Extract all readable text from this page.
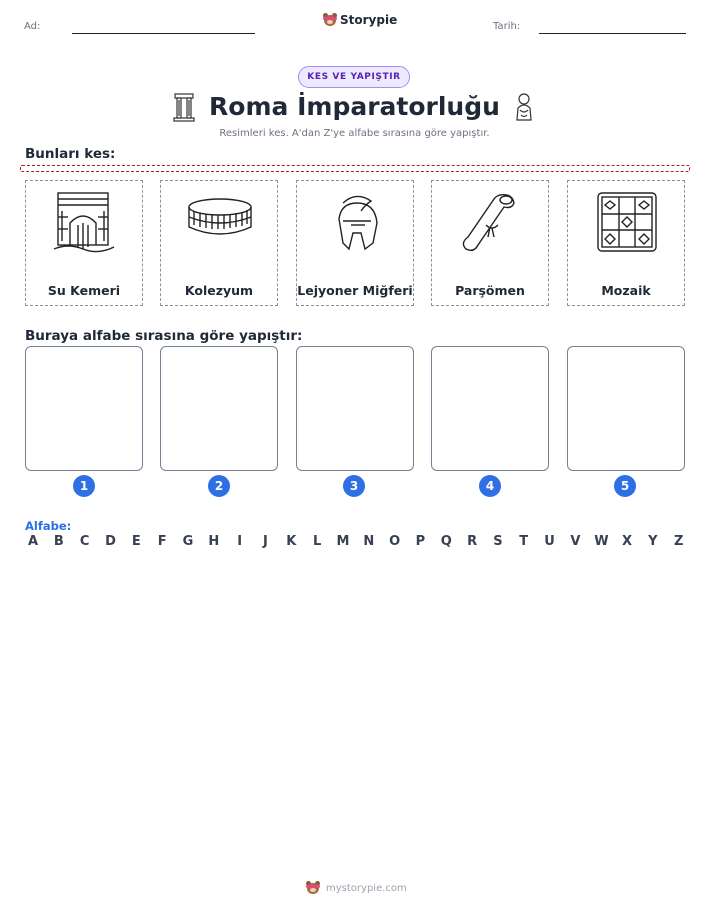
Ad:	Storypie	Tarih:
KES VE YAPIŞTIR
Roma İmparatorluğu
Resimleri kes. A'dan Z'ye alfabe sırasına göre yapıştır.
Bunları kes:
Su Kemeri	Kolezyum	Lejyoner Miğferi	Parşömen	Mozaik
Buraya alfabe sırasına göre yapıştır:
1	2	3	4	5
Alfabe:
A B C D E F G H	I	J	K L M N O P Q R S T U V W X Y Z
mystorypie.com
